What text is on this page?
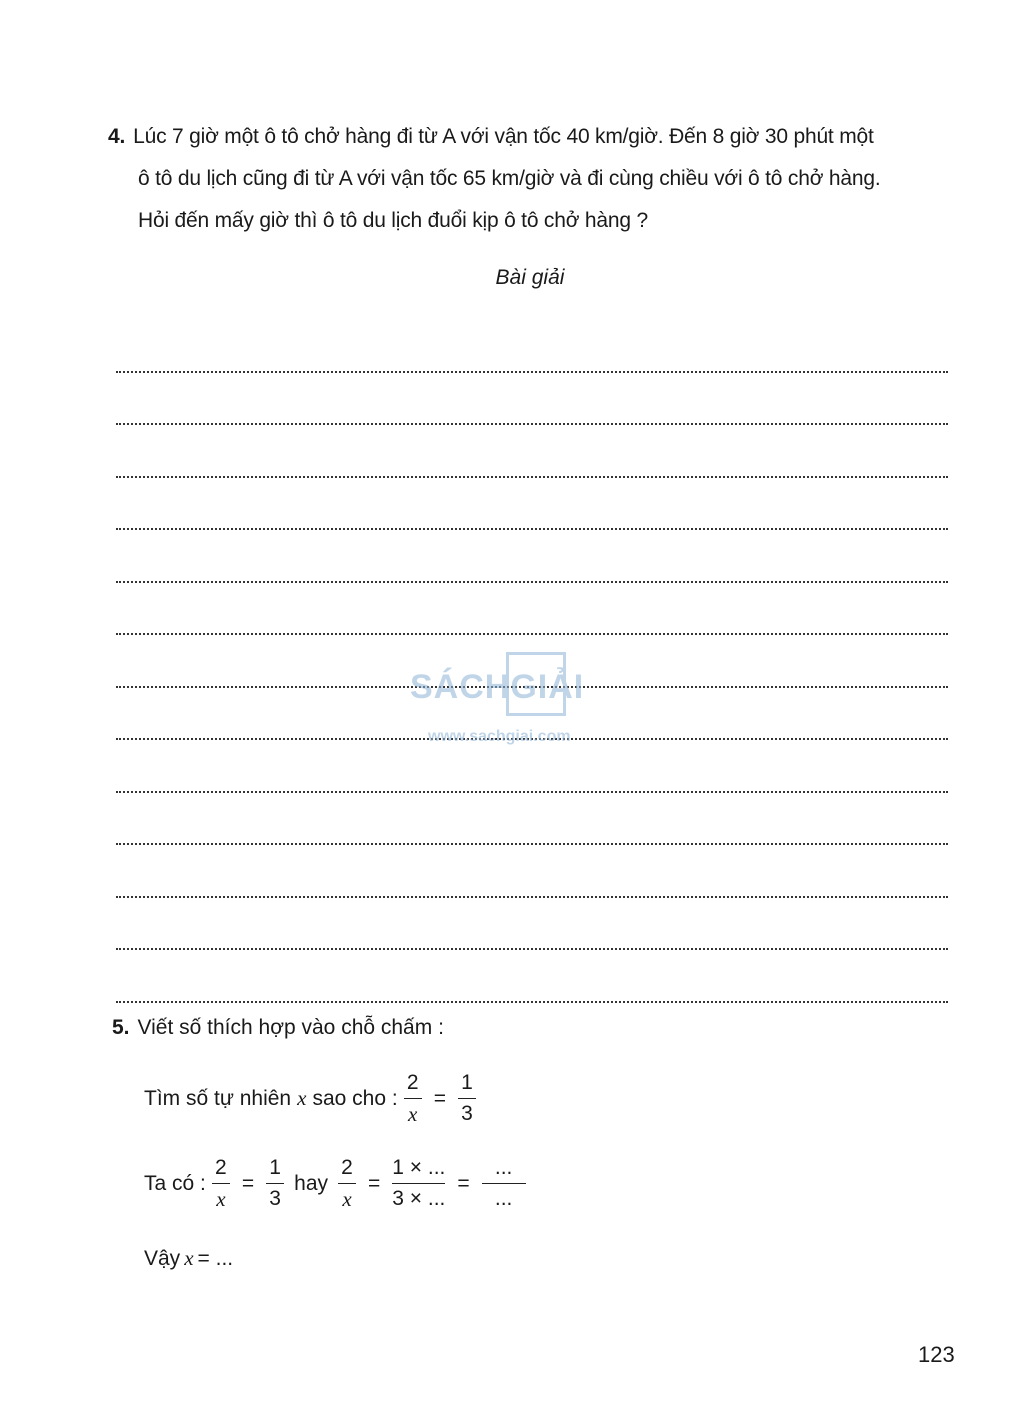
4. Lúc 7 giờ một ô tô chở hàng đi từ A với vận tốc 40 km/giờ. Đến 8 giờ 30 phút một
ô tô du lịch cũng đi từ A với vận tốc 65 km/giờ và đi cùng chiều với ô tô chở hàng.
Hỏi đến mấy giờ thì ô tô du lịch đuổi kịp ô tô chở hàng ?
Bài giải
SÁCHGIẢI
www.sachgiai.com
5. Viết số thích hợp vào chỗ chấm :
Tìm số tự nhiên x sao cho : $\frac{2}{x} = \frac{1}{3}$
Ta có : $\frac{2}{x} = \frac{1}{3}$ hay $\frac{2}{x} = \frac{1 \times ...}{3 \times ...} = \frac{...}{...}$
Vậy x = ...
123
